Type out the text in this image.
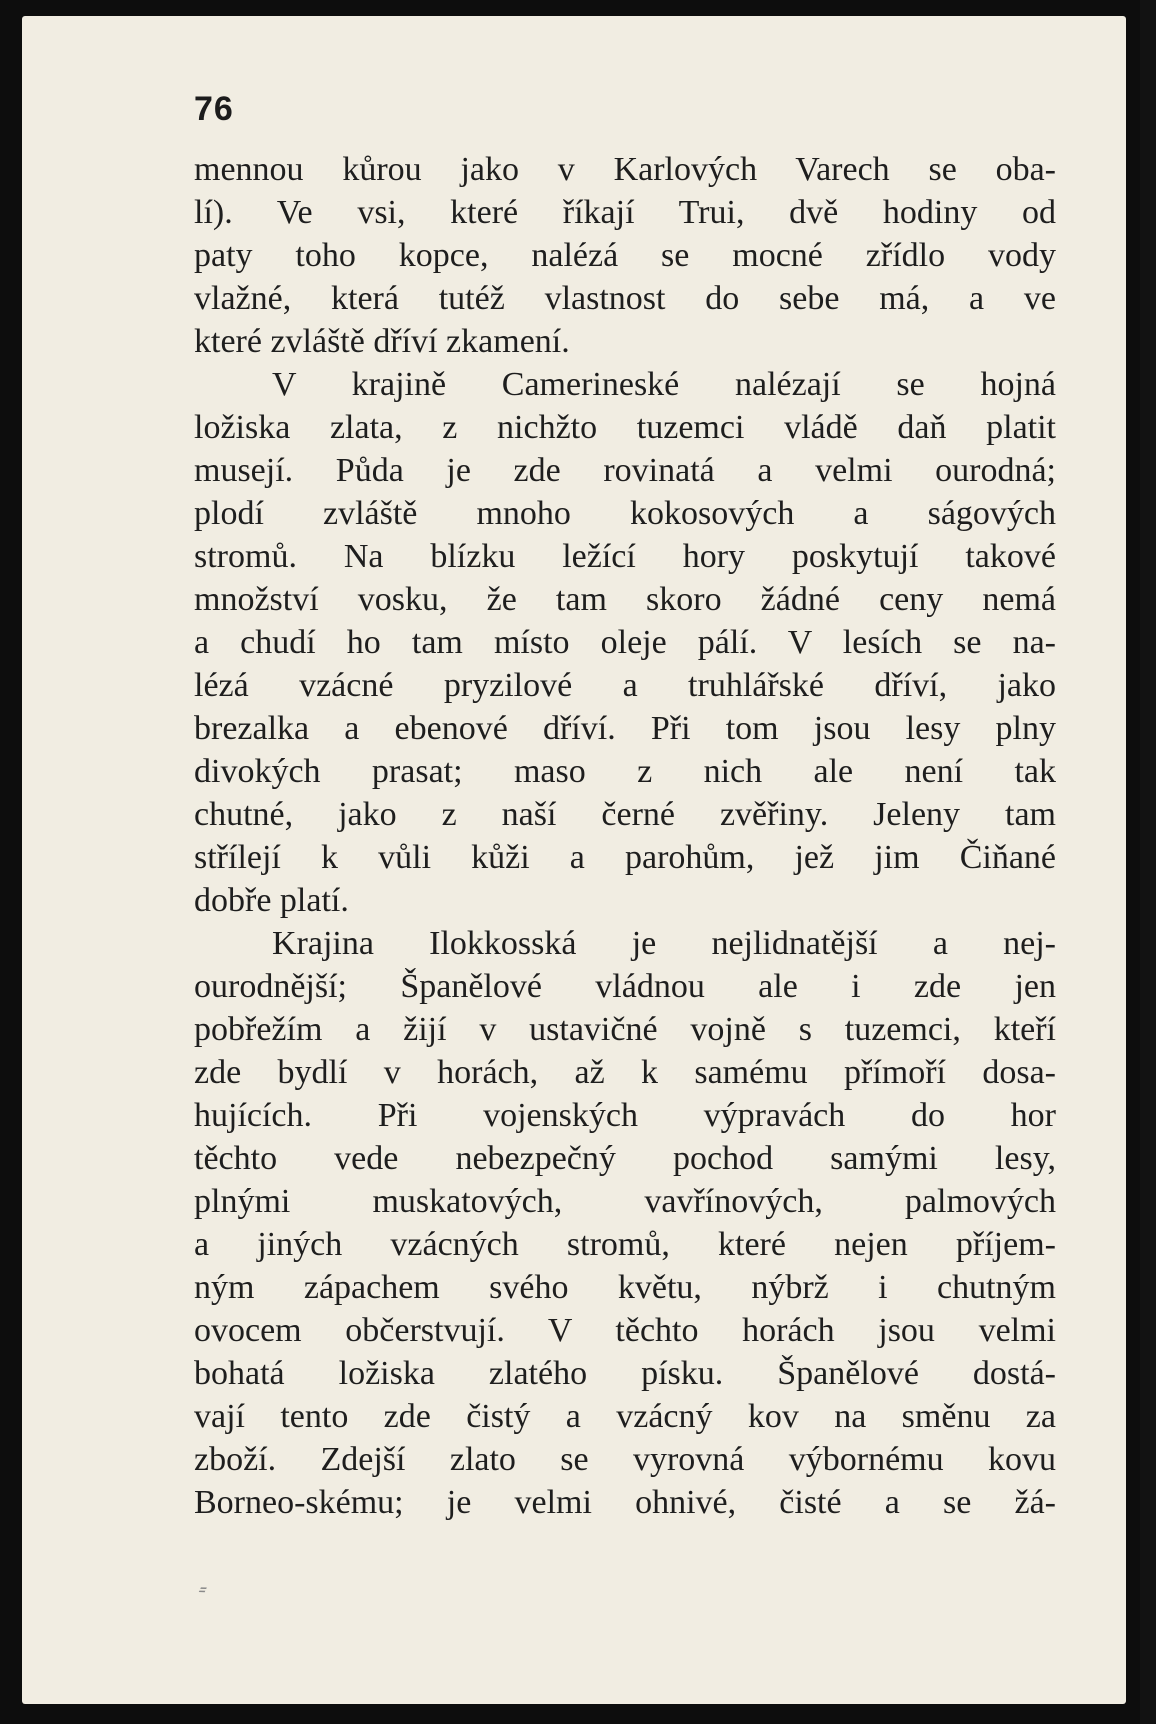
76
mennou kůrou jako v Karlových Varech se oba-
lí). Ve vsi, které říkají Trui, dvě hodiny od
paty toho kopce, nalézá se mocné zřídlo vody
vlažné, která tutéž vlastnost do sebe má, a ve
které zvláště dříví zkamení.
V krajině Camerineské nalézají se hojná
ložiska zlata, z nichžto tuzemci vládě daň platit
musejí. Půda je zde rovinatá a velmi ourodná;
plodí zvláště mnoho kokosových a ságových
stromů. Na blízku ležící hory poskytují takové
množství vosku, že tam skoro žádné ceny nemá
a chudí ho tam místo oleje pálí. V lesích se na-
lézá vzácné pryzilové a truhlářské dříví, jako
brezalka a ebenové dříví. Při tom jsou lesy plny
divokých prasat; maso z nich ale není tak
chutné, jako z naší černé zvěřiny. Jeleny tam
střílejí k vůli kůži a parohům, jež jim Čiňané
dobře platí.
Krajina Ilokkosská je nejlidnatější a nej-
ourodnější; Španělové vládnou ale i zde jen
pobřežím a žijí v ustavičné vojně s tuzemci, kteří
zde bydlí v horách, až k samému přímoří dosa-
hujících. Při vojenských výpravách do hor
těchto vede nebezpečný pochod samými lesy,
plnými muskatových, vavřínových, palmových
a jiných vzácných stromů, které nejen příjem-
ným zápachem svého květu, nýbrž i chutným
ovocem občerstvují. V těchto horách jsou velmi
bohatá ložiska zlatého písku. Španělové dostá-
vají tento zde čistý a vzácný kov na směnu za
zboží. Zdejší zlato se vyrovná výbornému kovu
Borneo-skému; je velmi ohnivé, čisté a se žá-
⸗
